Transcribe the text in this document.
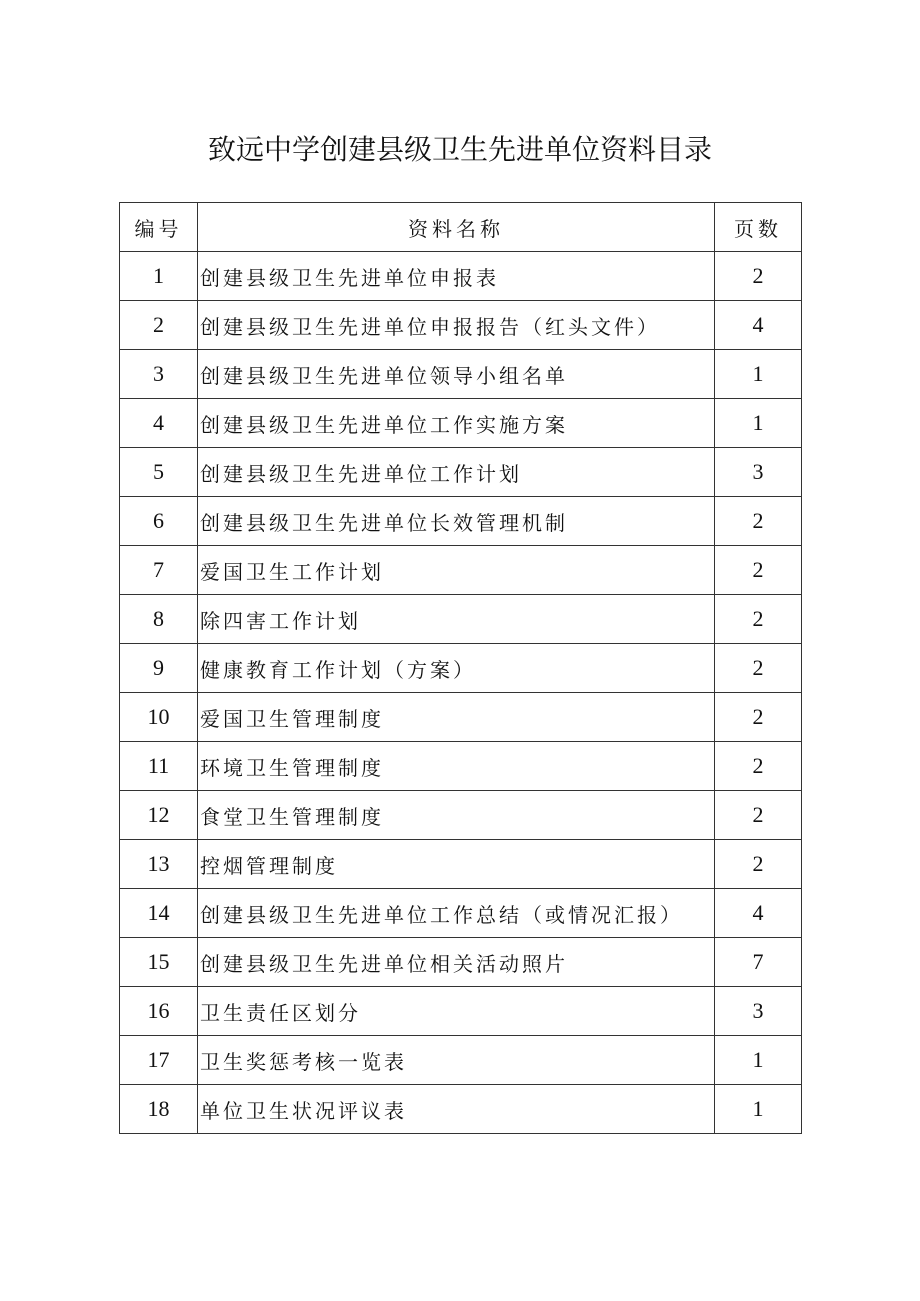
致远中学创建县级卫生先进单位资料目录
编号	资料名称	页数
1	创建县级卫生先进单位申报表	2
2	创建县级卫生先进单位申报报告（红头文件）	4
3	创建县级卫生先进单位领导小组名单	1
4	创建县级卫生先进单位工作实施方案	1
5	创建县级卫生先进单位工作计划	3
6	创建县级卫生先进单位长效管理机制	2
7	爱国卫生工作计划	2
8	除四害工作计划	2
9	健康教育工作计划（方案）	2
10	爱国卫生管理制度	2
11	环境卫生管理制度	2
12	食堂卫生管理制度	2
13	控烟管理制度	2
14	创建县级卫生先进单位工作总结（或情况汇报）	4
15	创建县级卫生先进单位相关活动照片	7
16	卫生责任区划分	3
17	卫生奖惩考核一览表	1
18	单位卫生状况评议表	1
